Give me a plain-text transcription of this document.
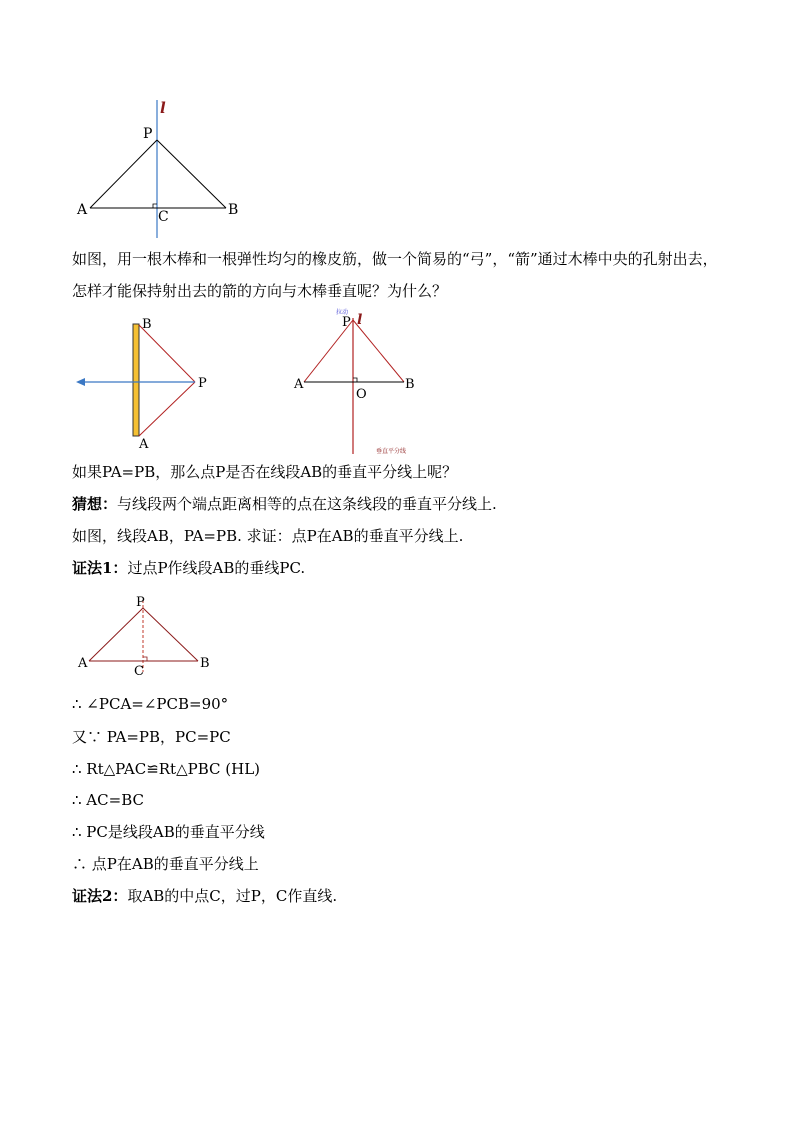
l
P
A	B
C
如图，用一根木棒和一根弹性均匀的橡皮筋，做一个简易的“弓”，“箭”通过木棒中央的孔射出去，怎样才能保持射出去的箭的方向与木棒垂直呢？为什么？
B
A
P
拉动
P l
A
O
B
垂直平分线
如果PA=PB，那么点P是否在线段AB的垂直平分线上呢？
猜想：与线段两个端点距离相等的点在这条线段的垂直平分线上.
如图，线段AB，PA=PB. 求证：点P在AB的垂直平分线上.
证法1：过点P作线段AB的垂线PC.
P
A
C
B
∴ ∠PCA=∠PCB=90°
又∵ PA=PB，PC=PC
∴ Rt△PAC≌Rt△PBC (HL)
∴ AC=BC
∴ PC是线段AB的垂直平分线
∴ 点P在AB的垂直平分线上
证法2：取AB的中点C，过P，C作直线.
